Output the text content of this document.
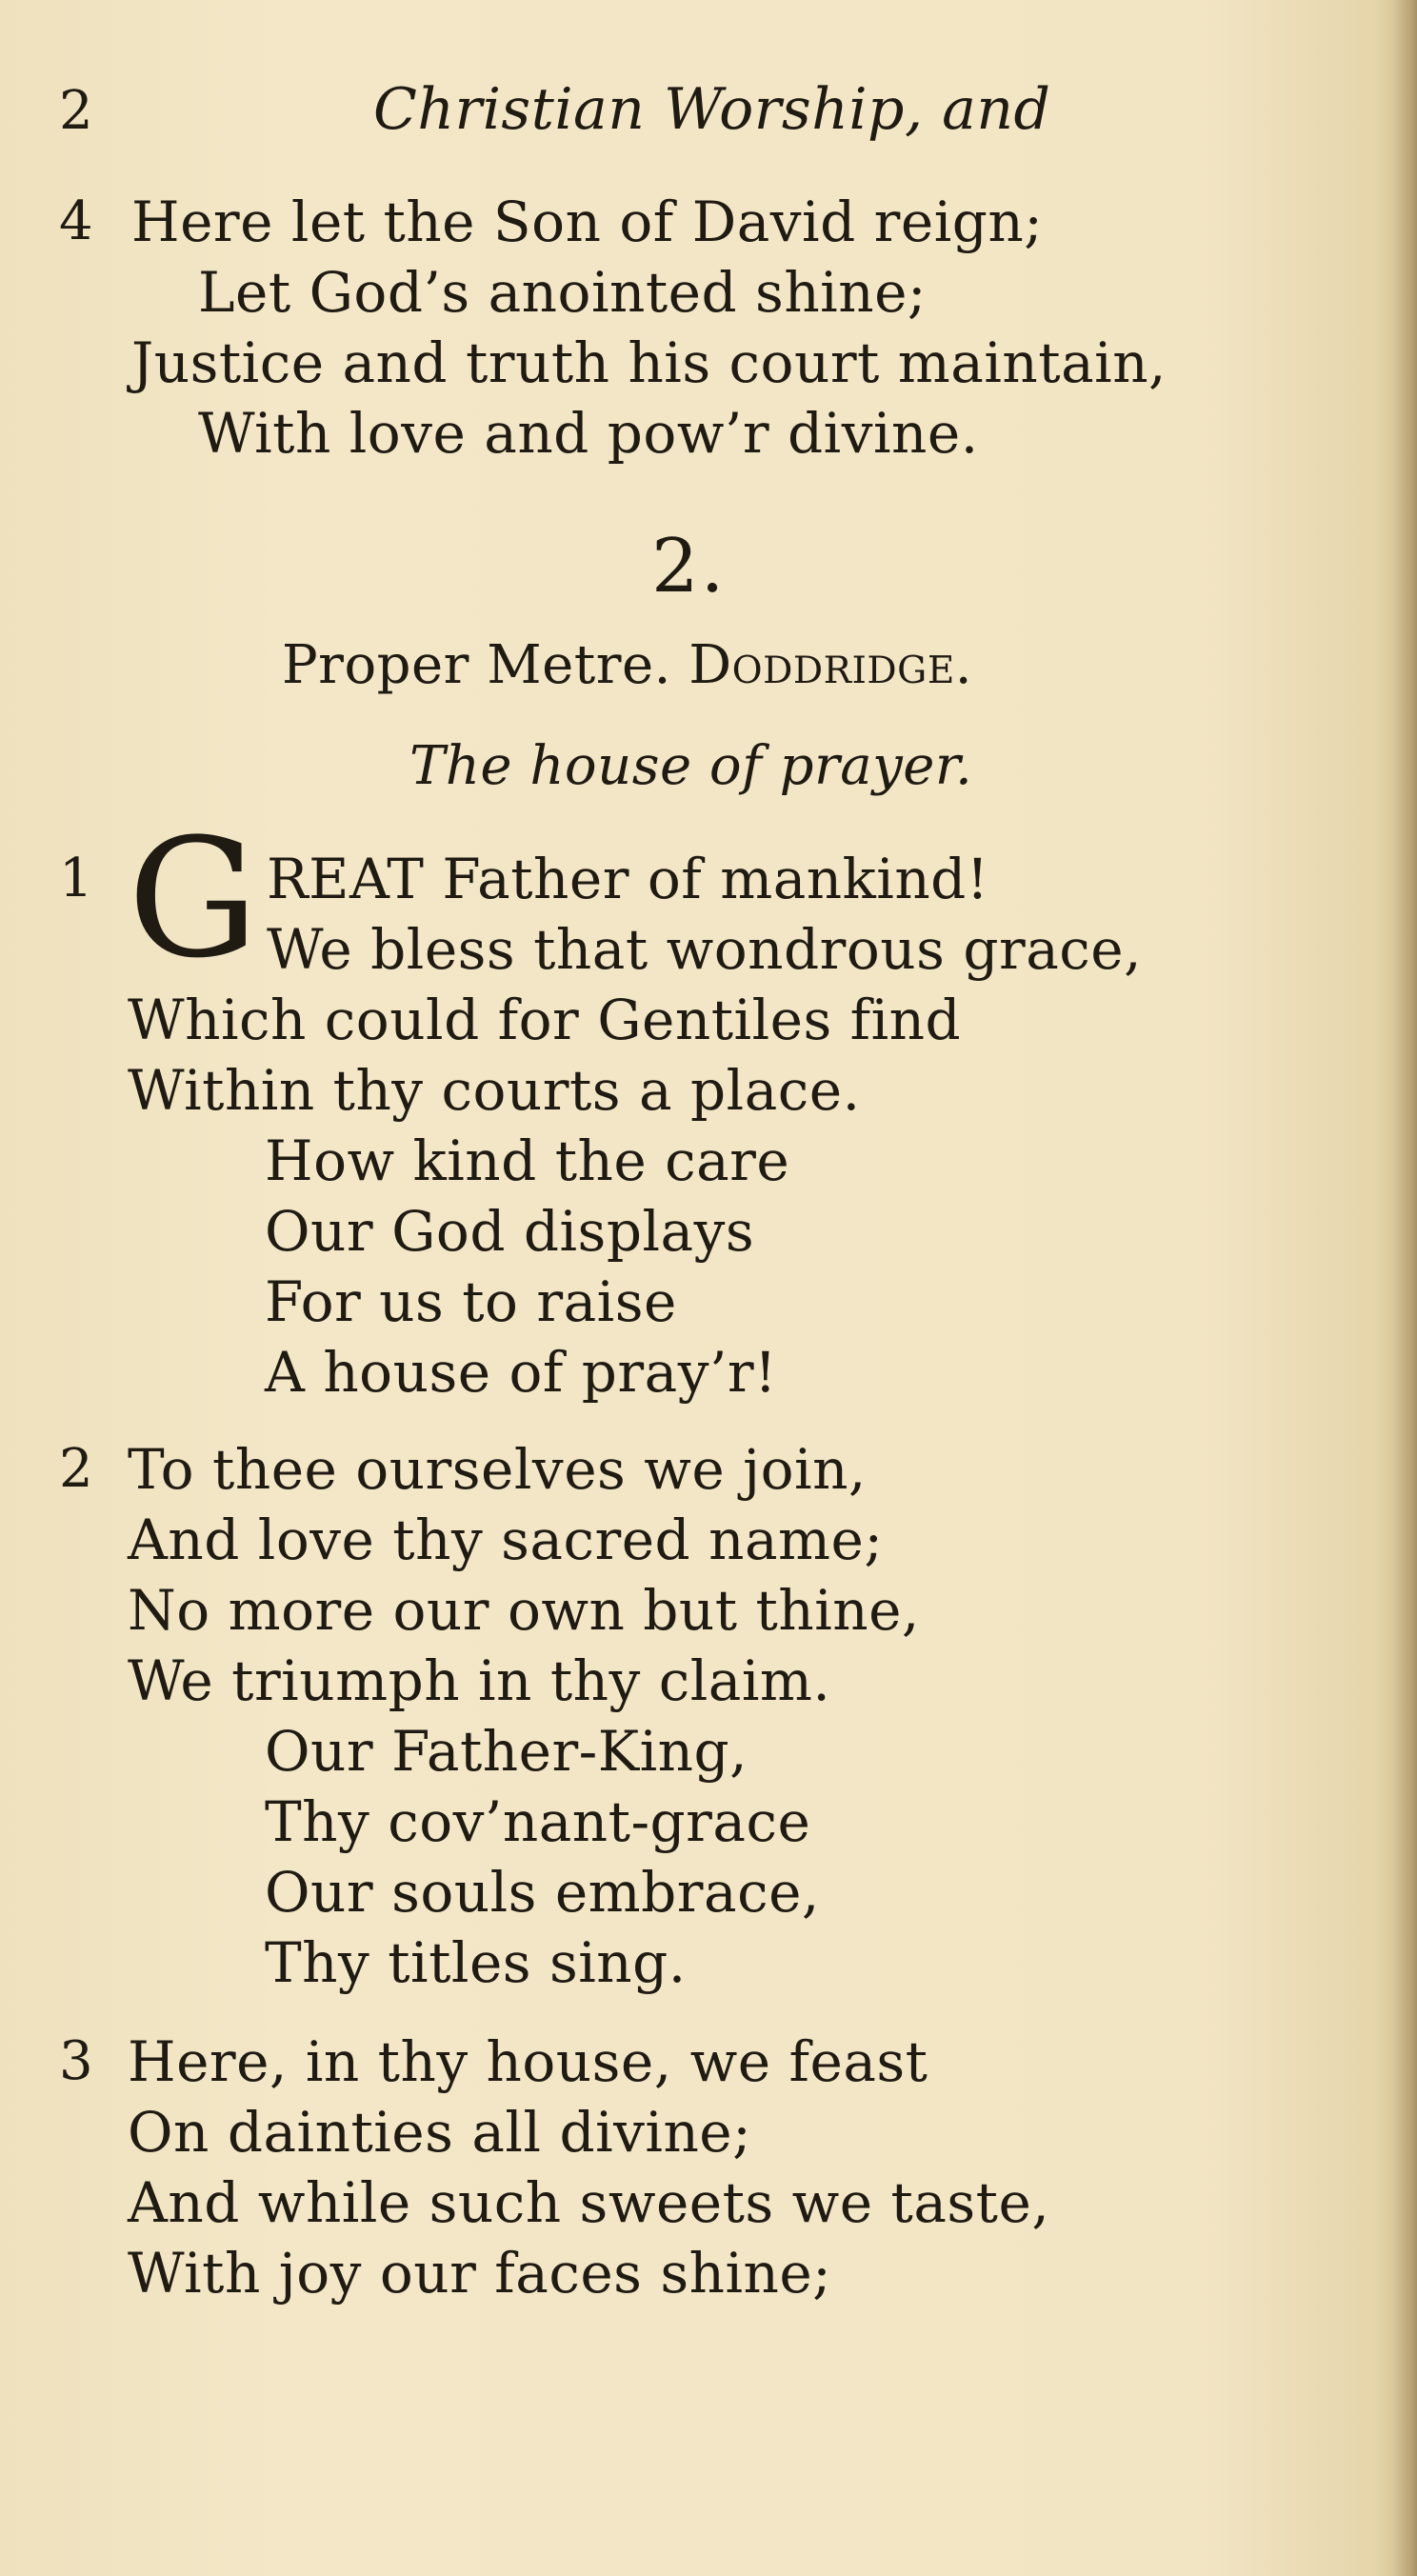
2	Christian Worship, and
4 Here let the Son of David reign;
Let God’s anointed shine;
Justice and truth his court maintain,
With love and pow’r divine.
2.
Proper Metre. Doddridge.
The house of prayer.
1 G REAT Father of mankind!
We bless that wondrous grace,
Which could for Gentiles find
Within thy courts a place.
How kind the care
Our God displays
For us to raise
A house of pray’r!
2 To thee ourselves we join,
And love thy sacred name;
No more our own but thine,
We triumph in thy claim.
Our Father-King,
Thy cov’nant-grace
Our souls embrace,
Thy titles sing.
3 Here, in thy house, we feast
On dainties all divine;
And while such sweets we taste,
With joy our faces shine;
